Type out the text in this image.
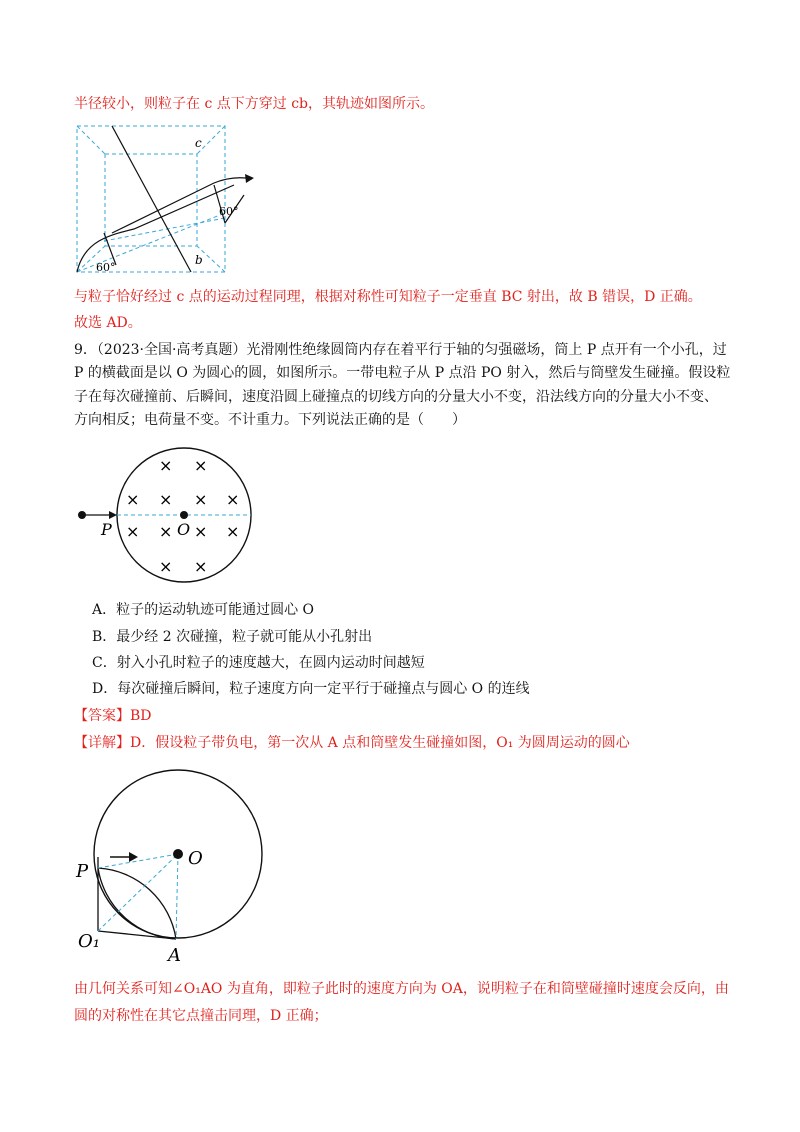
半径较小，则粒子在 c 点下方穿过 cb，其轨迹如图所示。
c
b
60°
60°
与粒子恰好经过 c 点的运动过程同理，根据对称性可知粒子一定垂直 BC 射出，故 B 错误，D 正确。
故选 AD。
9．（2023·全国·高考真题）光滑刚性绝缘圆筒内存在着平行于轴的匀强磁场，筒上 P 点开有一个小孔，过
P 的横截面是以 O 为圆心的圆，如图所示。一带电粒子从 P 点沿 PO 射入，然后与筒壁发生碰撞。假设粒
子在每次碰撞前、后瞬间，速度沿圆上碰撞点的切线方向的分量大小不变，沿法线方向的分量大小不变、
方向相反；电荷量不变。不计重力。下列说法正确的是（　　）
× ×
× × × ×
× × × ×
× ×
P	O
A．粒子的运动轨迹可能通过圆心 O
B．最少经 2 次碰撞，粒子就可能从小孔射出
C．射入小孔时粒子的速度越大，在圆内运动时间越短
D．每次碰撞后瞬间，粒子速度方向一定平行于碰撞点与圆心 O 的连线
【答案】BD
【详解】D．假设粒子带负电，第一次从 A 点和筒壁发生碰撞如图，O₁ 为圆周运动的圆心
P
O
O₁
A
由几何关系可知∠O₁AO 为直角，即粒子此时的速度方向为 OA，说明粒子在和筒壁碰撞时速度会反向，由
圆的对称性在其它点撞击同理，D 正确；
